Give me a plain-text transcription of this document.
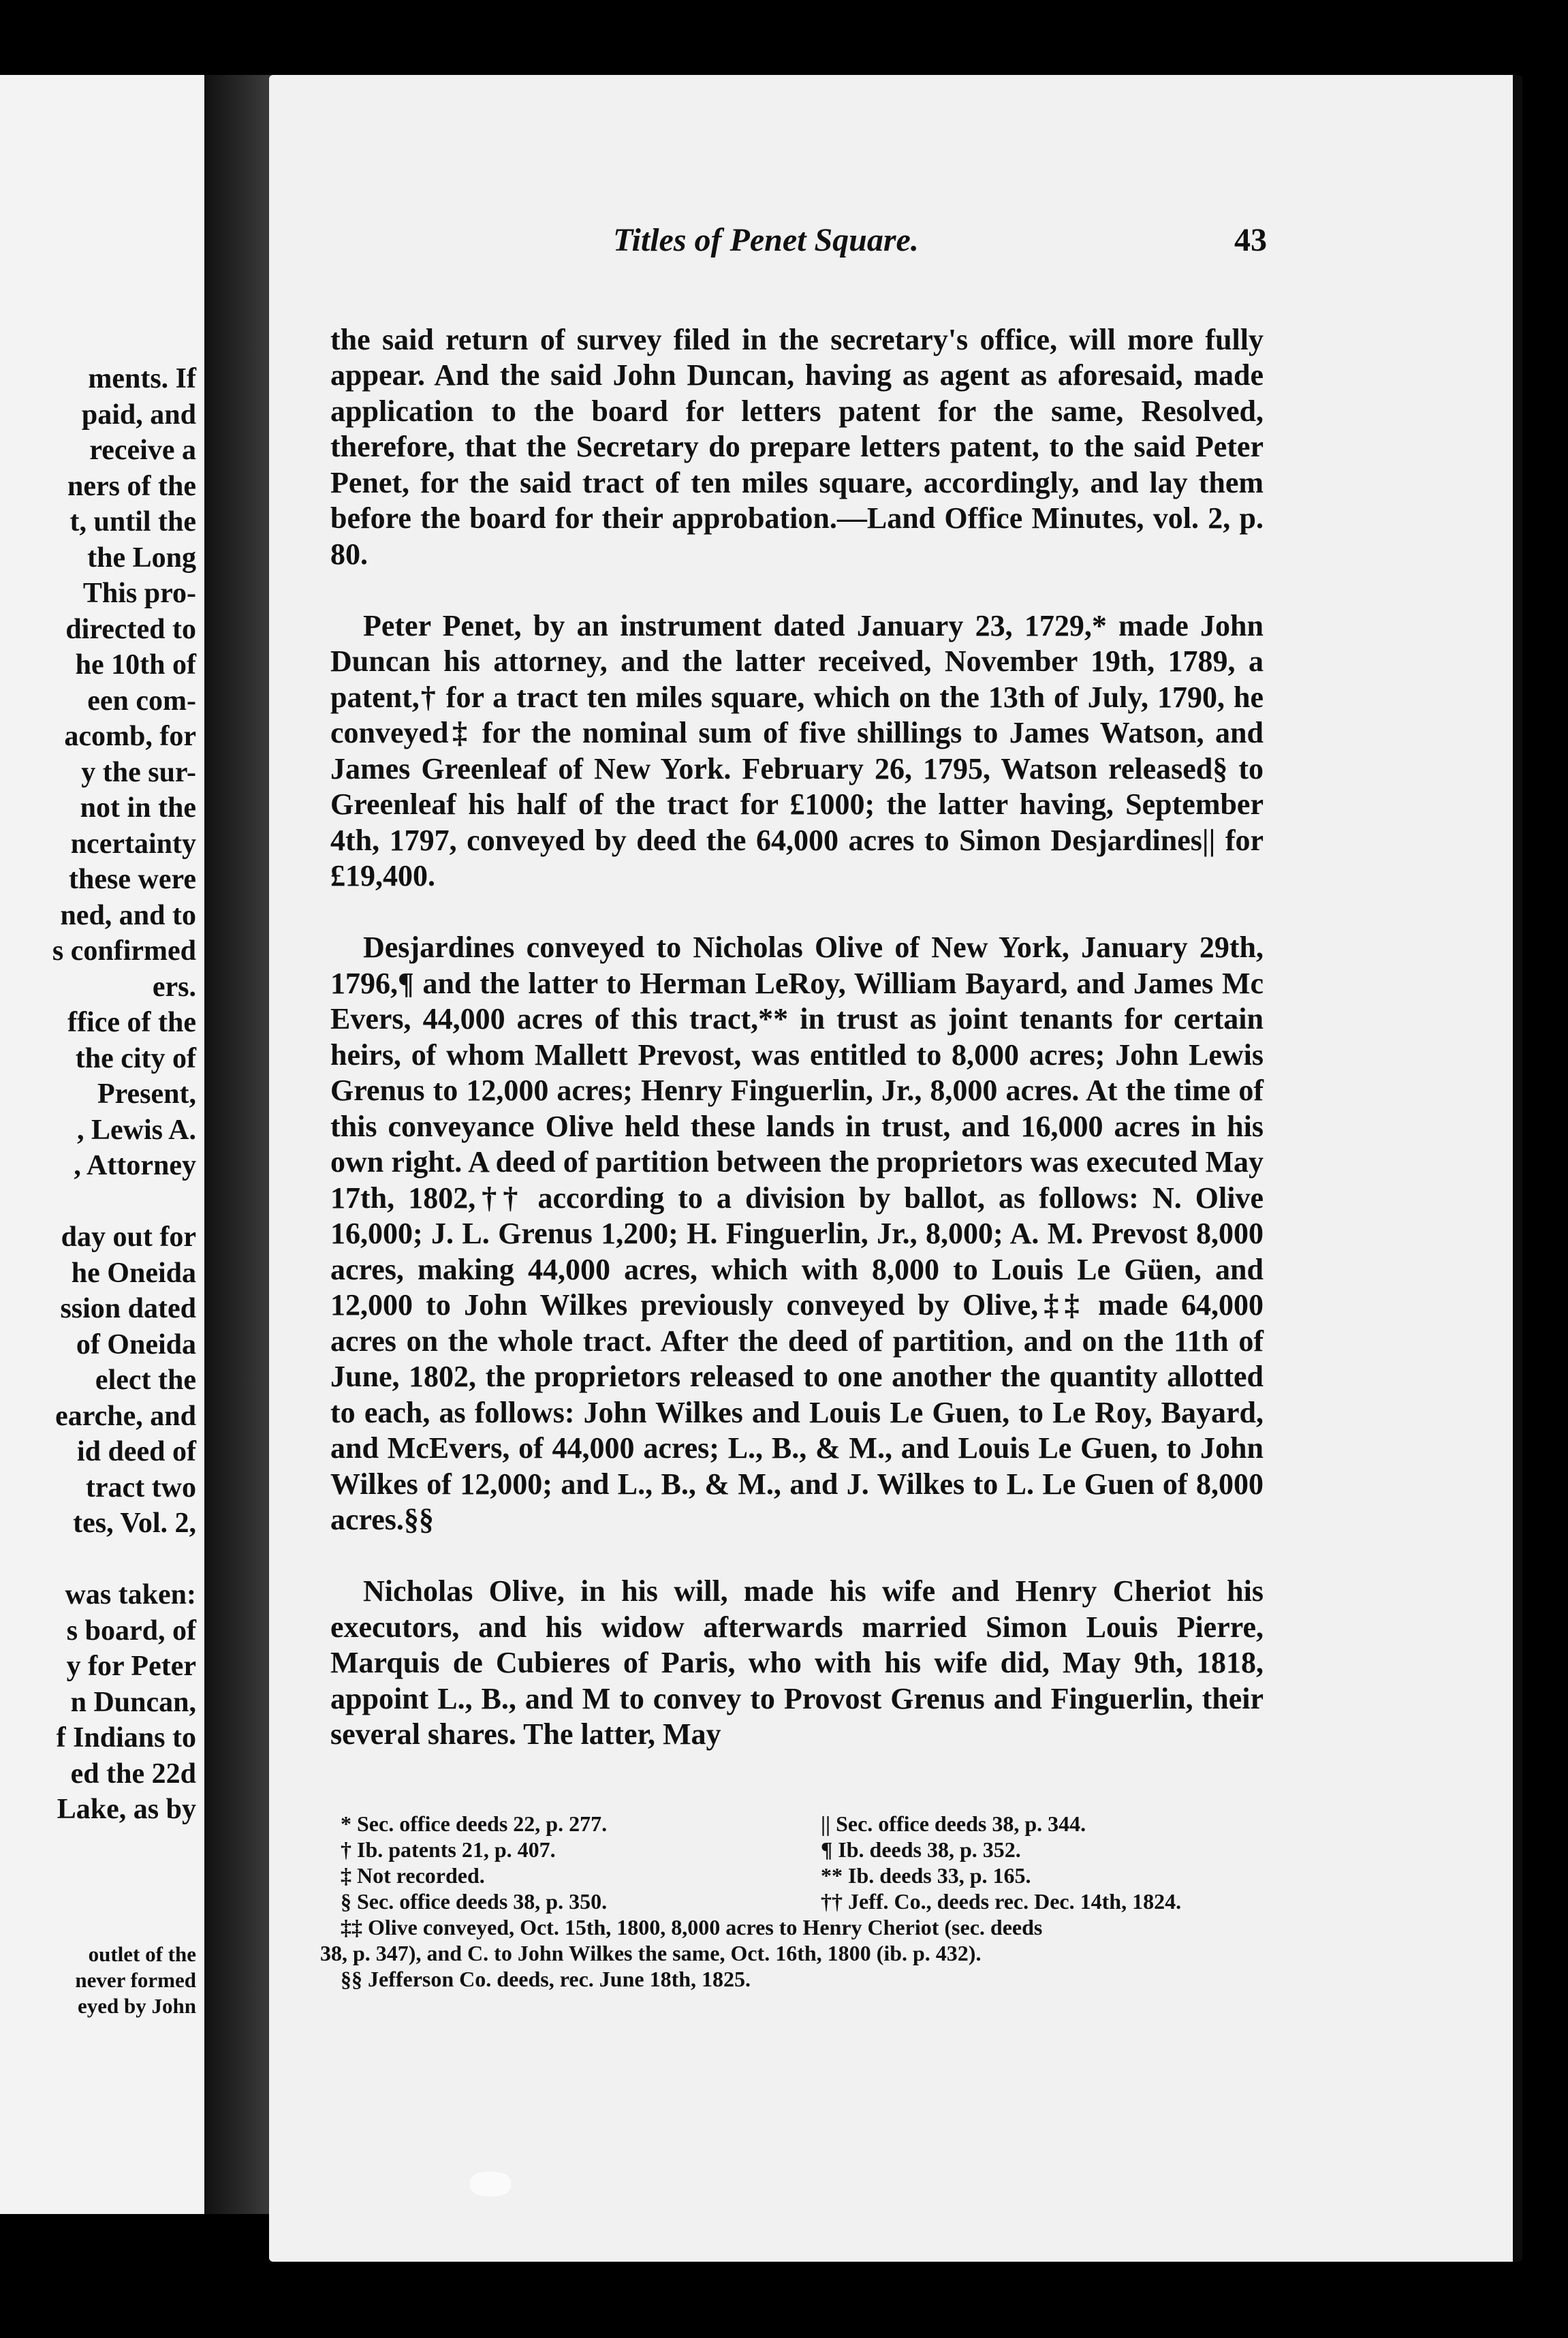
ments. If
paid, and
receive a
ners of the
t, until the
the Long
This pro-
directed to
he 10th of
een com-
acomb, for
y the sur-
not in the
ncertainty
these were
ned, and to
s confirmed
ers.
ffice of the
the city of
Present,
, Lewis A.
, Attorney

day out for
he Oneida
ssion dated
of Oneida
elect the
earche, and
id deed of
tract two
tes, Vol. 2,

was taken:
s board, of
y for Peter
n Duncan,
f Indians to
ed the 22d
Lake, as by
outlet of the
never formed
eyed by John
Titles of Penet Square.	43

the said return of survey filed in the secretary's office, will more fully appear. And the said John Duncan, having as agent as aforesaid, made application to the board for letters patent for the same, Resolved, therefore, that the Secretary do prepare letters patent, to the said Peter Penet, for the said tract of ten miles square, accordingly, and lay them before the board for their approbation.—Land Office Minutes, vol. 2, p. 80.

Peter Penet, by an instrument dated January 23, 1729,* made John Duncan his attorney, and the latter received, November 19th, 1789, a patent,† for a tract ten miles square, which on the 13th of July, 1790, he conveyed‡ for the nominal sum of five shillings to James Watson, and James Greenleaf of New York. February 26, 1795, Watson released§ to Greenleaf his half of the tract for £1000; the latter having, September 4th, 1797, conveyed by deed the 64,000 acres to Simon Desjardines|| for £19,400.

Desjardines conveyed to Nicholas Olive of New York, January 29th, 1796,¶ and the latter to Herman LeRoy, William Bayard, and James Mc Evers, 44,000 acres of this tract,** in trust as joint tenants for certain heirs, of whom Mallett Prevost, was entitled to 8,000 acres; John Lewis Grenus to 12,000 acres; Henry Finguerlin, Jr., 8,000 acres. At the time of this conveyance Olive held these lands in trust, and 16,000 acres in his own right. A deed of partition between the proprietors was executed May 17th, 1802,†† according to a division by ballot, as follows: N. Olive 16,000; J. L. Grenus 1,200; H. Finguerlin, Jr., 8,000; A. M. Prevost 8,000 acres, making 44,000 acres, which with 8,000 to Louis Le Güen, and 12,000 to John Wilkes previously conveyed by Olive,‡‡ made 64,000 acres on the whole tract. After the deed of partition, and on the 11th of June, 1802, the proprietors released to one another the quantity allotted to each, as follows: John Wilkes and Louis Le Guen, to Le Roy, Bayard, and McEvers, of 44,000 acres; L., B., & M., and Louis Le Guen, to John Wilkes of 12,000; and L., B., & M., and J. Wilkes to L. Le Guen of 8,000 acres.§§

Nicholas Olive, in his will, made his wife and Henry Cheriot his executors, and his widow afterwards married Simon Louis Pierre, Marquis de Cubieres of Paris, who with his wife did, May 9th, 1818, appoint L., B., and M to convey to Provost Grenus and Finguerlin, their several shares. The latter, May

* Sec. office deeds 22, p. 277.	|| Sec. office deeds 38, p. 344.
† Ib. patents 21, p. 407.	¶ Ib. deeds 38, p. 352.
‡ Not recorded.	** Ib. deeds 33, p. 165.
§ Sec. office deeds 38, p. 350.	†† Jeff. Co., deeds rec. Dec. 14th, 1824.
‡‡ Olive conveyed, Oct. 15th, 1800, 8,000 acres to Henry Cheriot (sec. deeds
38, p. 347), and C. to John Wilkes the same, Oct. 16th, 1800 (ib. p. 432).
§§ Jefferson Co. deeds, rec. June 18th, 1825.
